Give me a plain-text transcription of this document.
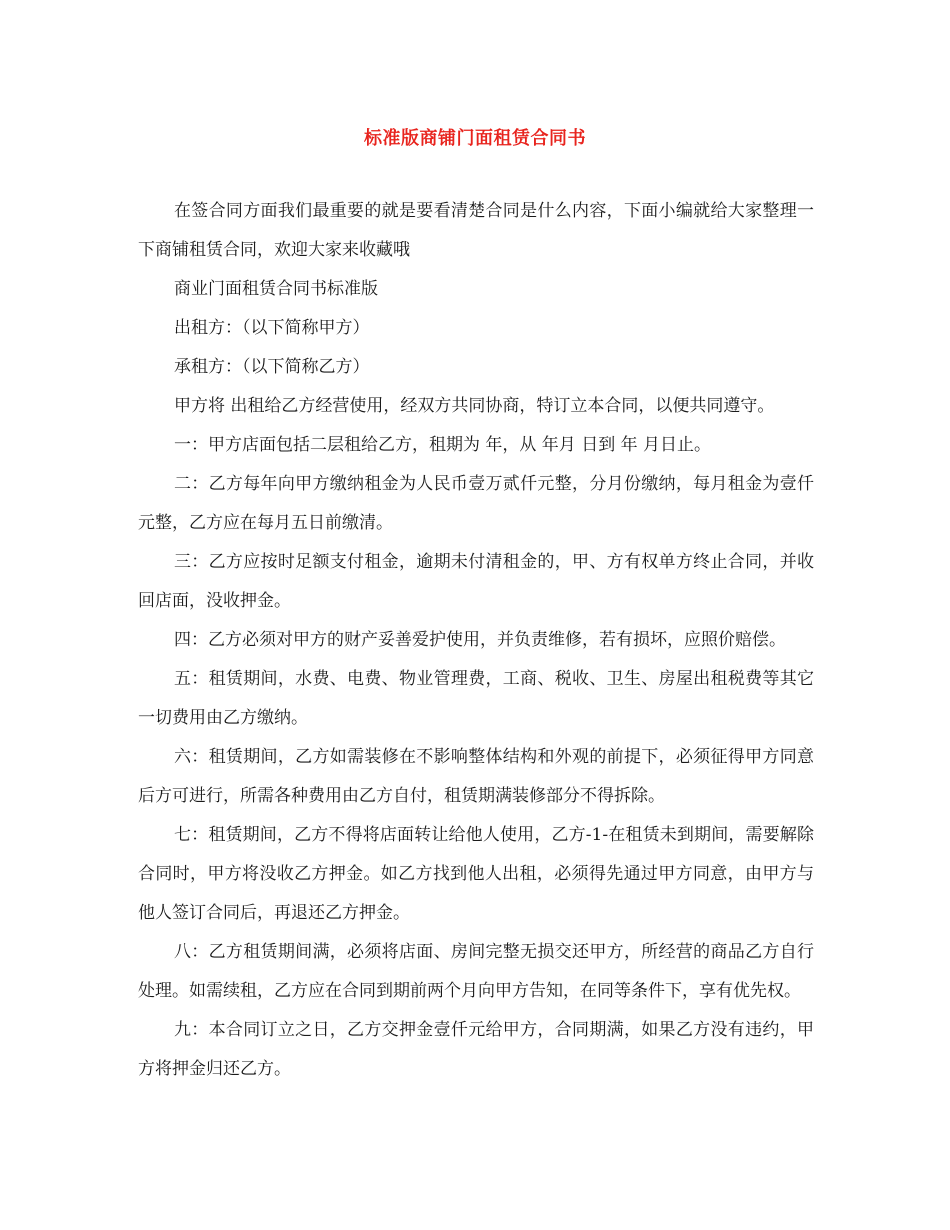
标准版商铺门面租赁合同书

在签合同方面我们最重要的就是要看清楚合同是什么内容，下面小编就给大家整理一下商铺租赁合同，欢迎大家来收藏哦

商业门面租赁合同书标准版

出租方：（以下简称甲方）

承租方：（以下简称乙方）

甲方将 出租给乙方经营使用，经双方共同协商，特订立本合同，以便共同遵守。

一：甲方店面包括二层租给乙方，租期为 年，从 年月 日到 年 月日止。

二：乙方每年向甲方缴纳租金为人民币壹万贰仟元整，分月份缴纳，每月租金为壹仟元整，乙方应在每月五日前缴清。

三：乙方应按时足额支付租金，逾期未付清租金的，甲、方有权单方终止合同，并收回店面，没收押金。

四：乙方必须对甲方的财产妥善爱护使用，并负责维修，若有损坏，应照价赔偿。

五：租赁期间，水费、电费、物业管理费，工商、税收、卫生、房屋出租税费等其它一切费用由乙方缴纳。

六：租赁期间，乙方如需装修在不影响整体结构和外观的前提下，必须征得甲方同意后方可进行，所需各种费用由乙方自付，租赁期满装修部分不得拆除。

七：租赁期间，乙方不得将店面转让给他人使用，乙方-1-在租赁未到期间，需要解除合同时，甲方将没收乙方押金。如乙方找到他人出租，必须得先通过甲方同意，由甲方与他人签订合同后，再退还乙方押金。

八：乙方租赁期间满，必须将店面、房间完整无损交还甲方，所经营的商品乙方自行处理。如需续租，乙方应在合同到期前两个月向甲方告知，在同等条件下，享有优先权。

九：本合同订立之日，乙方交押金壹仟元给甲方，合同期满，如果乙方没有违约，甲方将押金归还乙方。
